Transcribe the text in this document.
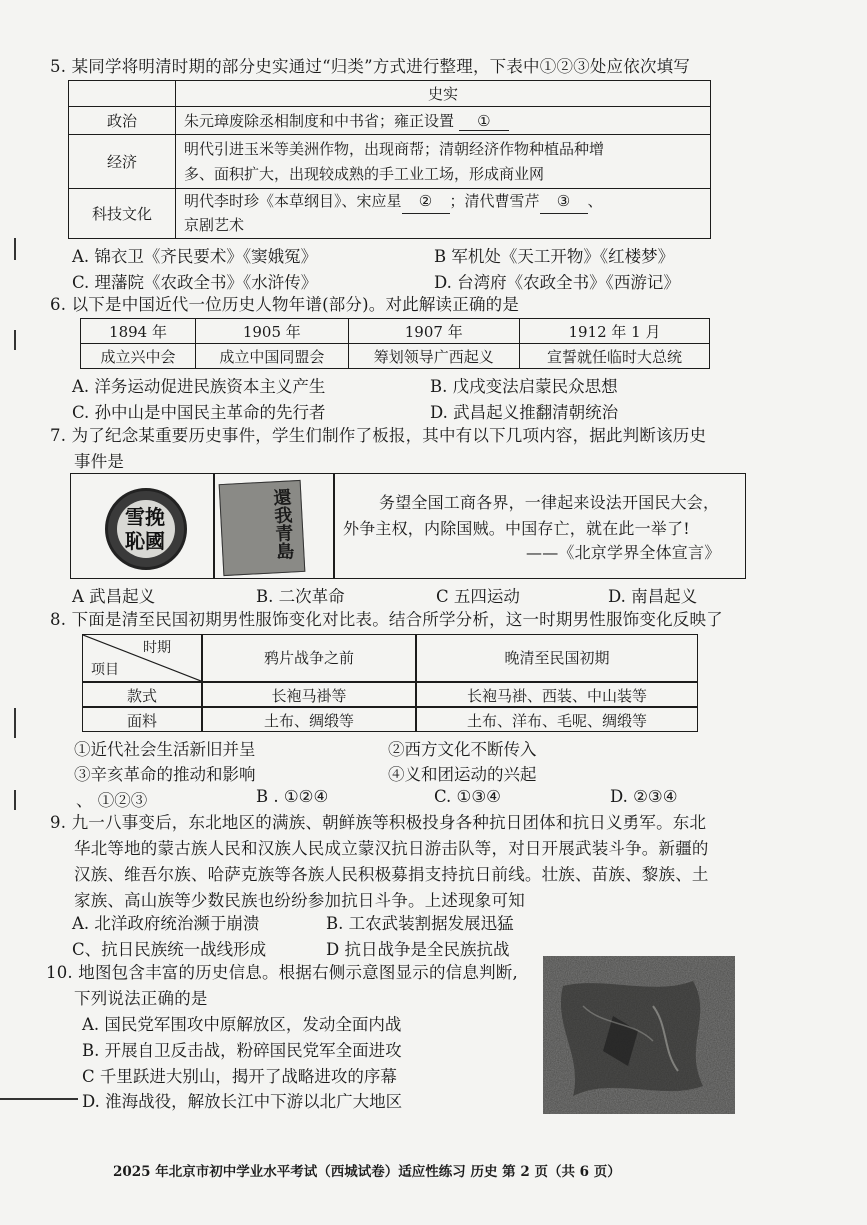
5. 某同学将明清时期的部分史实通过“归类”方式进行整理，下表中①②③处应依次填写
	史实
政治	朱元璋废除丞相制度和中书省；雍正设置 ①
经济	明代引进玉米等美洲作物，出现商帮；清朝经济作物种植品种增
多、面积扩大，出现较成熟的手工业工场，形成商业网

科技文化	明代李时珍《本草纲目》、宋应星 ② ；清代曹雪芹 ③ 、
京剧艺术
A. 锦衣卫《齐民要术》《窦娥冤》	B 军机处《天工开物》《红楼梦》
C. 理藩院《农政全书》《水浒传》	D. 台湾府《农政全书》《西游记》
6. 以下是中国近代一位历史人物年谱(部分)。对此解读正确的是
1894 年	1905 年	1907 年	1912 年 1 月
成立兴中会	成立中国同盟会	筹划领导广西起义	宣誓就任临时大总统
A. 洋务运动促进民族资本主义产生	B. 戊戌变法启蒙民众思想
C. 孙中山是中国民主革命的先行者	D. 武昌起义推翻清朝统治
7. 为了纪念某重要历史事件，学生们制作了板报，其中有以下几项内容，据此判断该历史
事件是
雪挽恥國	還我青島	务望全国工商各界，一律起来设法开国民大会，
外争主权，内除国贼。中国存亡，就在此一举了!
——《北京学界全体宣言》
A 武昌起义	B. 二次革命	C 五四运动	D. 南昌起义
8. 下面是清至民国初期男性服饰变化对比表。结合所学分析，这一时期男性服饰变化反映了
时期
项目
鸦片战争之前	晚清至民国初期
款式	长袍马褂等	长袍马褂、西装、中山装等
面料	土布、绸缎等	土布、洋布、毛呢、绸缎等
①近代社会生活新旧并呈	②西方文化不断传入
③辛亥革命的推动和影响	④义和团运动的兴起
、 ①②③	B . ①②④	C. ①③④	D. ②③④
9. 九一八事变后，东北地区的满族、朝鲜族等积极投身各种抗日团体和抗日义勇军。东北
华北等地的蒙古族人民和汉族人民成立蒙汉抗日游击队等，对日开展武装斗争。新疆的
汉族、维吾尔族、哈萨克族等各族人民积极募捐支持抗日前线。壮族、苗族、黎族、土
家族、高山族等少数民族也纷纷参加抗日斗争。上述现象可知
A. 北洋政府统治濒于崩溃	B. 工农武装割据发展迅猛
C、抗日民族统一战线形成	D 抗日战争是全民族抗战
10. 地图包含丰富的历史信息。根据右侧示意图显示的信息判断,
下列说法正确的是
A. 国民党军围攻中原解放区，发动全面内战
B. 开展自卫反击战，粉碎国民党军全面进攻
C 千里跃进大别山，揭开了战略进攻的序幕
D. 淮海战役，解放长江中下游以北广大地区
2025 年北京市初中学业水平考试（西城试卷）适应性练习 历史 第 2 页（共 6 页）
